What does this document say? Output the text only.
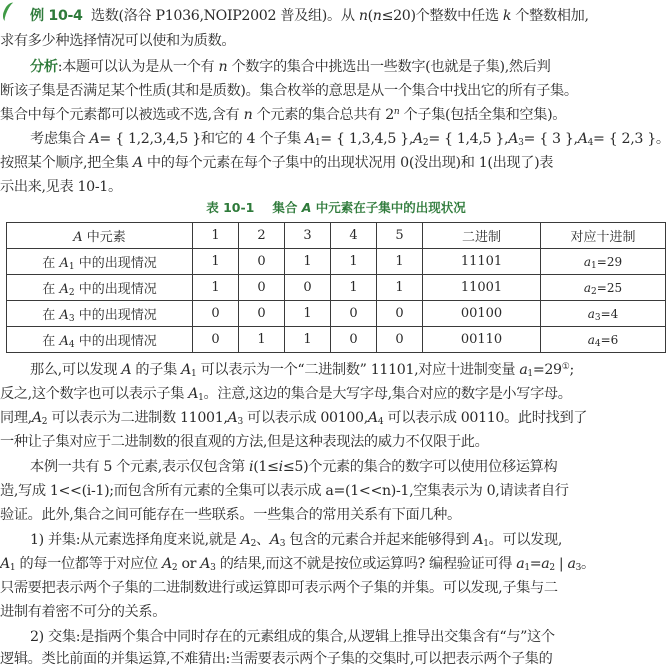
例 10-4 选数(洛谷 P1036,NOIP2002 普及组)。从 n(n≤20)个整数中任选 k 个整数相加,
求有多少种选择情况可以使和为质数。
分析:本题可以认为是从一个有 n 个数字的集合中挑选出一些数字(也就是子集),然后判
断该子集是否满足某个性质(其和是质数)。集合枚举的意思是从一个集合中找出它的所有子集。
集合中每个元素都可以被选或不选,含有 n 个元素的集合总共有 2$^n$ 个子集(包括全集和空集)。
考虑集合 A= { 1,2,3,4,5 }和它的 4 个子集 $A_1=$ { 1,3,4,5 }$,A_2=$ { 1,4,5 }$,A_3=$ { 3 }$,A_4=$ { 2,3 }。
按照某个顺序,把全集 A 中的每个元素在每个子集中的出现状况用 0(没出现)和 1(出现了)表
示出来,见表 10-1。
表 10-1 集合 A 中元素在子集中的出现状况
A 中元素	1	2	3	4	5	二进制	对应十进制
在 $A_1$ 中的出现情况	1	0	1	1	1	11101	$a_1=29$
在 $A_2$ 中的出现情况	1	0	0	1	1	11001	$a_2=25$
在 $A_3$ 中的出现情况	0	0	1	0	0	00100	$a_3=4$
在 $A_4$ 中的出现情况	0	1	1	0	0	00110	$a_4=6$
那么,可以发现 A 的子集 $A_1$ 可以表示为一个“二进制数” 11101,对应十进制变量 $a_1=29^①$;
反之,这个数字也可以表示子集 $A_1$。注意,这边的集合是大写字母,集合对应的数字是小写字母。
同理$,A_2$ 可以表示为二进制数 $11001,A_3$ 可以表示成 $00100,A_4$ 可以表示成 00110。此时找到了
一种让子集对应于二进制数的很直观的方法,但是这种表现法的威力不仅限于此。
本例一共有 5 个元素,表示仅包含第 i(1≤i≤5)个元素的集合的数字可以使用位移运算构
造,写成 1<<(i-1);而包含所有元素的全集可以表示成 a=(1<<n)-1,空集表示为 0,请读者自行
验证。此外,集合之间可能存在一些联系。一些集合的常用关系有下面几种。
1) 并集:从元素选择角度来说,就是 $A_2$、$A_3$ 包含的元素合并起来能够得到 $A_1$。可以发现,
$A_1$ 的每一位都等于对应位 $A_2$ or $A_3$ 的结果,而这不就是按位或运算吗? 编程验证可得 $a_1=a_2$ | $a_3$。
只需要把表示两个子集的二进制数进行或运算即可表示两个子集的并集。可以发现,子集与二
进制有着密不可分的关系。
2) 交集:是指两个集合中同时存在的元素组成的集合,从逻辑上推导出交集含有“与”这个
逻辑。类比前面的并集运算,不难猜出:当需要表示两个子集的交集时,可以把表示两个子集的
